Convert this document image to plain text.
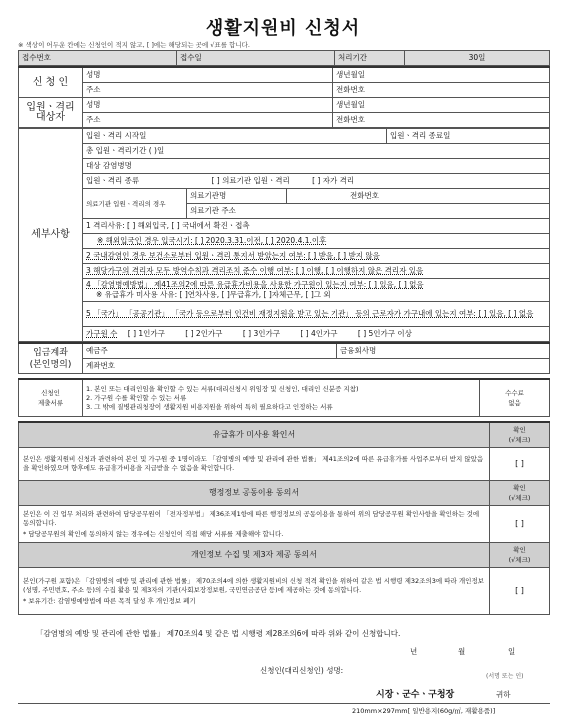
생활지원비 신청서
※ 색상이 어두운 칸에는 신청인이 적지 않고, [ ]에는 해당되는 곳에 √표를 합니다.
접수번호	접수일	처리기간	30일
신 청 인	성명	생년월일
	주소	전화번호
입원ㆍ격리
대상자	성명	생년월일
	주소	전화번호
세부사항	입원ㆍ격리 시작일			입원ㆍ격리 종료일
	총 입원ㆍ격리기간 ( )일			
	대상 감염병명			
	입원ㆍ격리 종류 [ ] 의료기관 입원ㆍ격리 [ ] 자가 격리			
	의료기관 입원ㆍ격리의 경우	의료기관명	전화번호	
		의료기관 주소		
	1 격리사유: [ ] 해외입국, [ ] 국내에서 확진ㆍ접촉			
	※ 해외입국인 경우 입국시기: [ ] 2020.3.31.이전, [ ] 2020.4.1.이후			
	2 국내감염인 경우 보건소로부터 입원ㆍ격리 통지서 받았는지 여부: [ ] 받음, [ ] 받지 않음			
	3 해당가구의 격리자 모두 방역수칙과 격리조치 준수 이행 여부: [ ] 이행, [ ] 이행하지 않은 격리자 있음			
	4 「감염병예방법」 제41조의2에 따른 유급휴가비용을 사용한 가구원이 있는지 여부: [ ] 있음, [ ] 없음
※ 유급휴가 미사용 사유: [ ]연차사용, [ ]무급휴가, [ ]자체근무, [ ]그 외			
	5 「국가」 「공공기관」 「국가 등으로부터 인건비 재정지원을 받고 있는 기관」 등의 근로자가 가구내에 있는지 여부: [ ] 있음, [ ] 없음			
	가구원 수 [ ] 1인가구 [ ] 2인가구 [ ] 3인가구 [ ] 4인가구 [ ] 5인가구 이상			
입금계좌
(본인명의)	예금주	금융회사명
계좌번호
신청인
제출서류	
1. 본인 또는 대리인임을 확인할 수 있는 서류(대리신청시 위임장 및 신청인, 대리인 신분증 지참)
2. 가구원 수를 확인할 수 있는 서류
3. 그 밖에 질병관리청장이 생활지원 비용지원을 위하여 특히 필요하다고 인정하는 서류
	수수료
없음
유급휴가 미사용 확인서	확인
(√체크)
본인은 생활지원비 신청과 관련하여 본인 및 가구원 중 1명이라도 「감염병의 예방 및 관리에 관한 법률」 제41조의2에 따른 유급휴가를 사업주로부터 받지 않았음을 확인하였으며 향후에도 유급휴가비용을 지급받을 수 없음을 확인합니다.	[ ]
행정정보 공동이용 동의서	확인
(√체크)

본인은 이 건 업무 처리와 관련하여 담당공무원이 「전자정부법」 제36조제1항에 따른 행정정보의 공동이용을 통하여 위의 담당공무원 확인사항을 확인하는 것에 동의합니다.
* 담당공무원의 확인에 동의하지 않는 경우에는 신청인이 직접 해당 서류를 제출해야 합니다.	[ ]
개인정보 수집 및 제3자 제공 동의서	확인
(√체크)

본인(가구원 포함)은 「감염병의 예방 및 관리에 관한 법률」 제70조의4에 의한 생활지원비의 신청 적격 확인을 위하여 같은 법 시행령 제32조의3에 따라 개인정보(성명, 주민번호, 주소 등)의 수집 활용 및 제3자의 기관(사회보장정보원, 국민연금공단 등)에 제공하는 것에 동의합니다.
* 보유기간: 감염병예방법에 따른 목적 달성 후 개인정보 폐기	[ ]
「감염병의 예방 및 관리에 관한 법률」 제70조의4 및 같은 법 시행령 제28조의6에 따라 위와 같이 신청합니다.
년	월	일
신청인(대리신청인) 성명:
(서명 또는 인)
시장ㆍ군수ㆍ구청장	귀하
210mm×297mm[ 일반용지(60g/㎡, 재활용품)]
